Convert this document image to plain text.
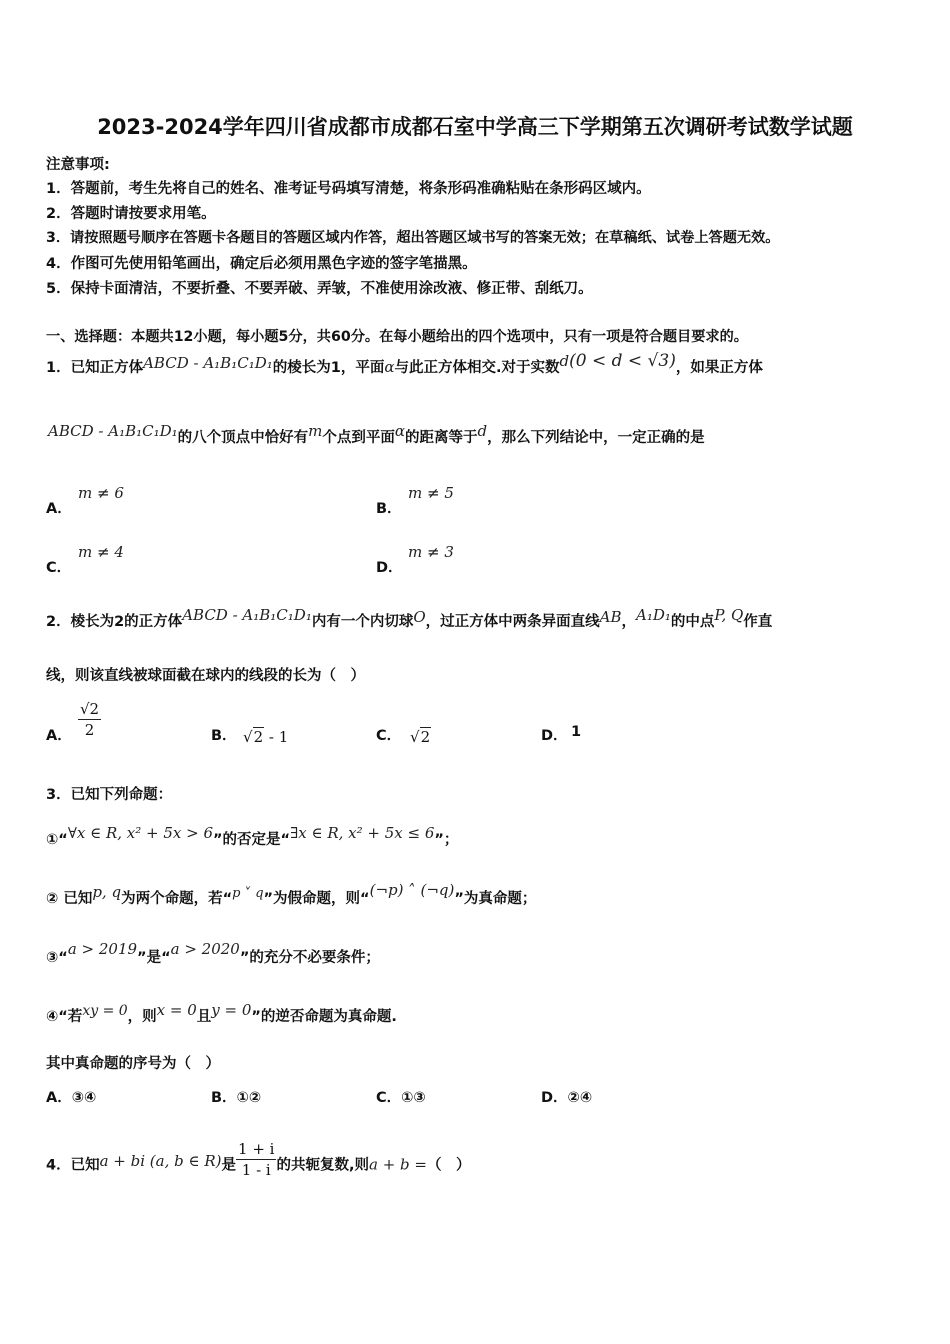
2023-2024学年四川省成都市成都石室中学高三下学期第五次调研考试数学试题
注意事项:
1．答题前，考生先将自己的姓名、准考证号码填写清楚，将条形码准确粘贴在条形码区域内。
2．答题时请按要求用笔。
3．请按照题号顺序在答题卡各题目的答题区域内作答，超出答题区域书写的答案无效；在草稿纸、试卷上答题无效。
4．作图可先使用铅笔画出，确定后必须用黑色字迹的签字笔描黑。
5．保持卡面清洁，不要折叠、不要弄破、弄皱，不准使用涂改液、修正带、刮纸刀。
一、选择题：本题共12小题，每小题5分，共60分。在每小题给出的四个选项中，只有一项是符合题目要求的。
1．已知正方体ABCD - A₁B₁C₁D₁的棱长为1，平面α与此正方体相交.对于实数d(0 < d < √3)，如果正方体
ABCD - A₁B₁C₁D₁的八个顶点中恰好有m个点到平面α的距离等于d，那么下列结论中，一定正确的是
A．
m ≠ 6
B．
m ≠ 5
C．
m ≠ 4
D．
m ≠ 3
2．棱长为2的正方体ABCD - A₁B₁C₁D₁内有一个内切球O，过正方体中两条异面直线AB，A₁D₁的中点P, Q作直
线，则该直线被球面截在球内的线段的长为（　）
A． $\frac{√2}{2}$	B． √2 - 1	C． √2	D． 1
3．已知下列命题：
①“∀x ∈ R, x² + 5x > 6”的否定是“∃x ∈ R, x² + 5x ≤ 6”；
② 已知p, q为两个命题，若“p ˅ q”为假命题，则“(¬p) ˄ (¬q)”为真命题；
③“a > 2019”是“a > 2020”的充分不必要条件；
④“若xy = 0，则x = 0且y = 0”的逆否命题为真命题.
其中真命题的序号为（　）
A．③④	B．①②	C．①③	D．②④
4．已知a + bi (a, b ∈ R)是 $\frac{1 + i}{1 - i}$ 的共轭复数,则a + b =（　）
